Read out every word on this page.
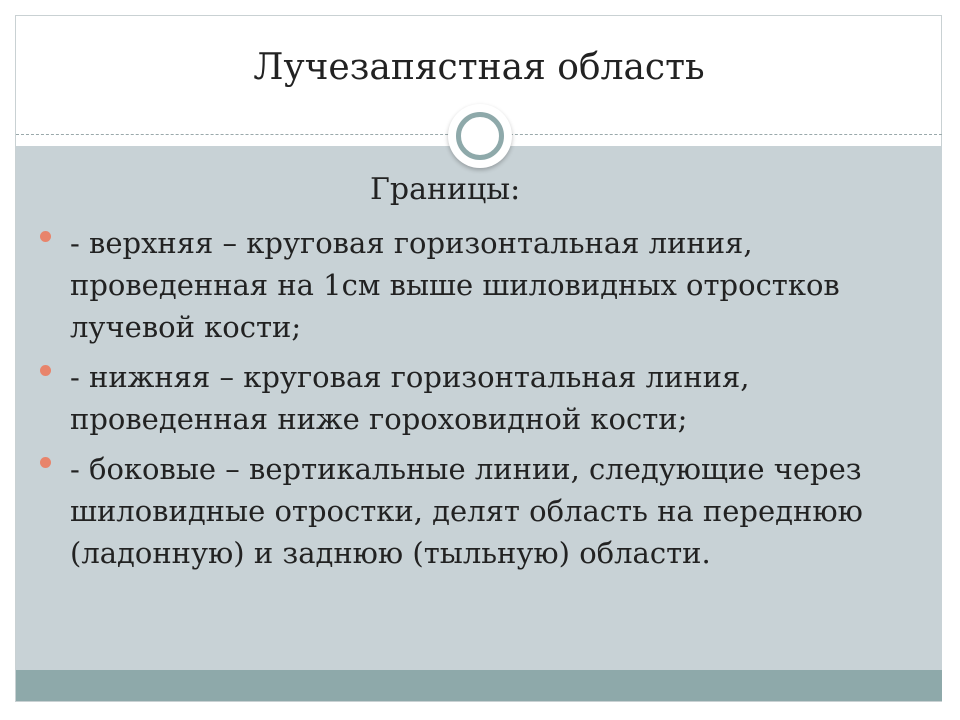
Лучезапястная область
Границы:
- верхняя – круговая горизонтальная линия, проведенная на 1см выше шиловидных отростков лучевой кости;
- нижняя – круговая горизонтальная линия, проведенная ниже гороховидной кости;
- боковые – вертикальные линии, следующие через шиловидные отростки, делят область на переднюю (ладонную) и заднюю (тыльную) области.
